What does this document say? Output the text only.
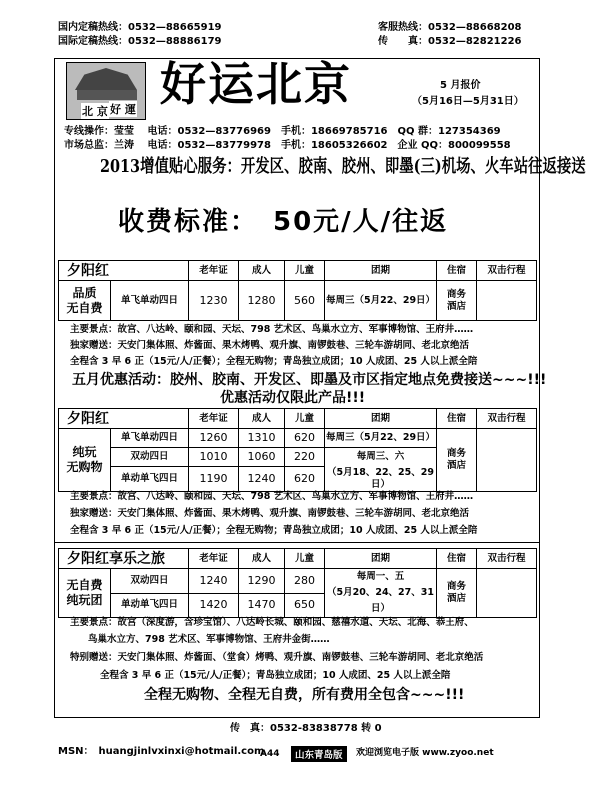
国内定稿热线：0532—88665919
国际定稿热线：0532—88886179
客服热线：0532—88668208
传　　真：0532—82821226
北 京 好 運 好运北京	5 月报价
（5月16日—5月31日）
专线操作：莹莹　 电话：0532—83776969　手机：18669785716　QQ 群：127354369
市场总监：兰涛　 电话：0532—83779978　手机：18605326602　企业 QQ：800099558
2013增值贴心服务：开发区、胶南、胶州、即墨(三)机场、火车站往返接送
收费标准：　50元/人/往返
夕阳红		老年证	成人	儿童	团期	住宿	双击行程
品质
无自费	单飞单动四日	1230	1280	560	每周三（5月22、29日）	商务
酒店	
主要景点：故宫、八达岭、颐和园、天坛、798 艺术区、鸟巢水立方、军事博物馆、王府井……
独家赠送：天安门集体照、炸酱面、果木烤鸭、观升旗、南锣鼓巷、三轮车游胡同、老北京绝活
全程含 3 早 6 正（15元/人/正餐）；全程无购物；青岛独立成团；10 人成团、25 人以上派全陪
五月优惠活动：胶州、胶南、开发区、即墨及市区指定地点免费接送~~~!!!
优惠活动仅限此产品!!!
夕阳红		老年证	成人	儿童	团期	住宿	双击行程
纯玩
无购物	单飞单动四日	1260	1310	620	每周三（5月22、29日）	商务
酒店	
	双动四日	1010	1060	220	每周三、六		
	单动单飞四日	1190	1240	620	（5月18、22、25、29日）		
主要景点：故宫、八达岭、颐和园、天坛、798 艺术区、鸟巢水立方、军事博物馆、王府井……
独家赠送：天安门集体照、炸酱面、果木烤鸭、观升旗、南锣鼓巷、三轮车游胡同、老北京绝活
全程含 3 早 6 正（15元/人/正餐）；全程无购物；青岛独立成团；10 人成团、25 人以上派全陪
夕阳红享乐之旅		老年证	成人	儿童	团期	住宿	双击行程
无自费
纯玩团	双动四日	1240	1290	280	每周一、五
（5月20、24、27、31日）	商务
酒店	
	单动单飞四日	1420	1470	650			
主要景点：故宫（深度游，含珍宝馆）、八达岭长城、颐和园、慈禧水道、天坛、北海、恭王府、
鸟巢水立方、798 艺术区、军事博物馆、王府井金街……
特别赠送：天安门集体照、炸酱面、（堂食）烤鸭、观升旗、南锣鼓巷、三轮车游胡同、老北京绝活
全程含 3 早 6 正（15元/人/正餐）；青岛独立成团；10 人成团、25 人以上派全陪
全程无购物、全程无自费，所有费用全包含~~~!!!
传　真：0532-83838778 转 0
MSN：　huangjinlvxinxi@hotmail.com
A44	山东青岛版	欢迎浏览电子版 www.zyoo.net
